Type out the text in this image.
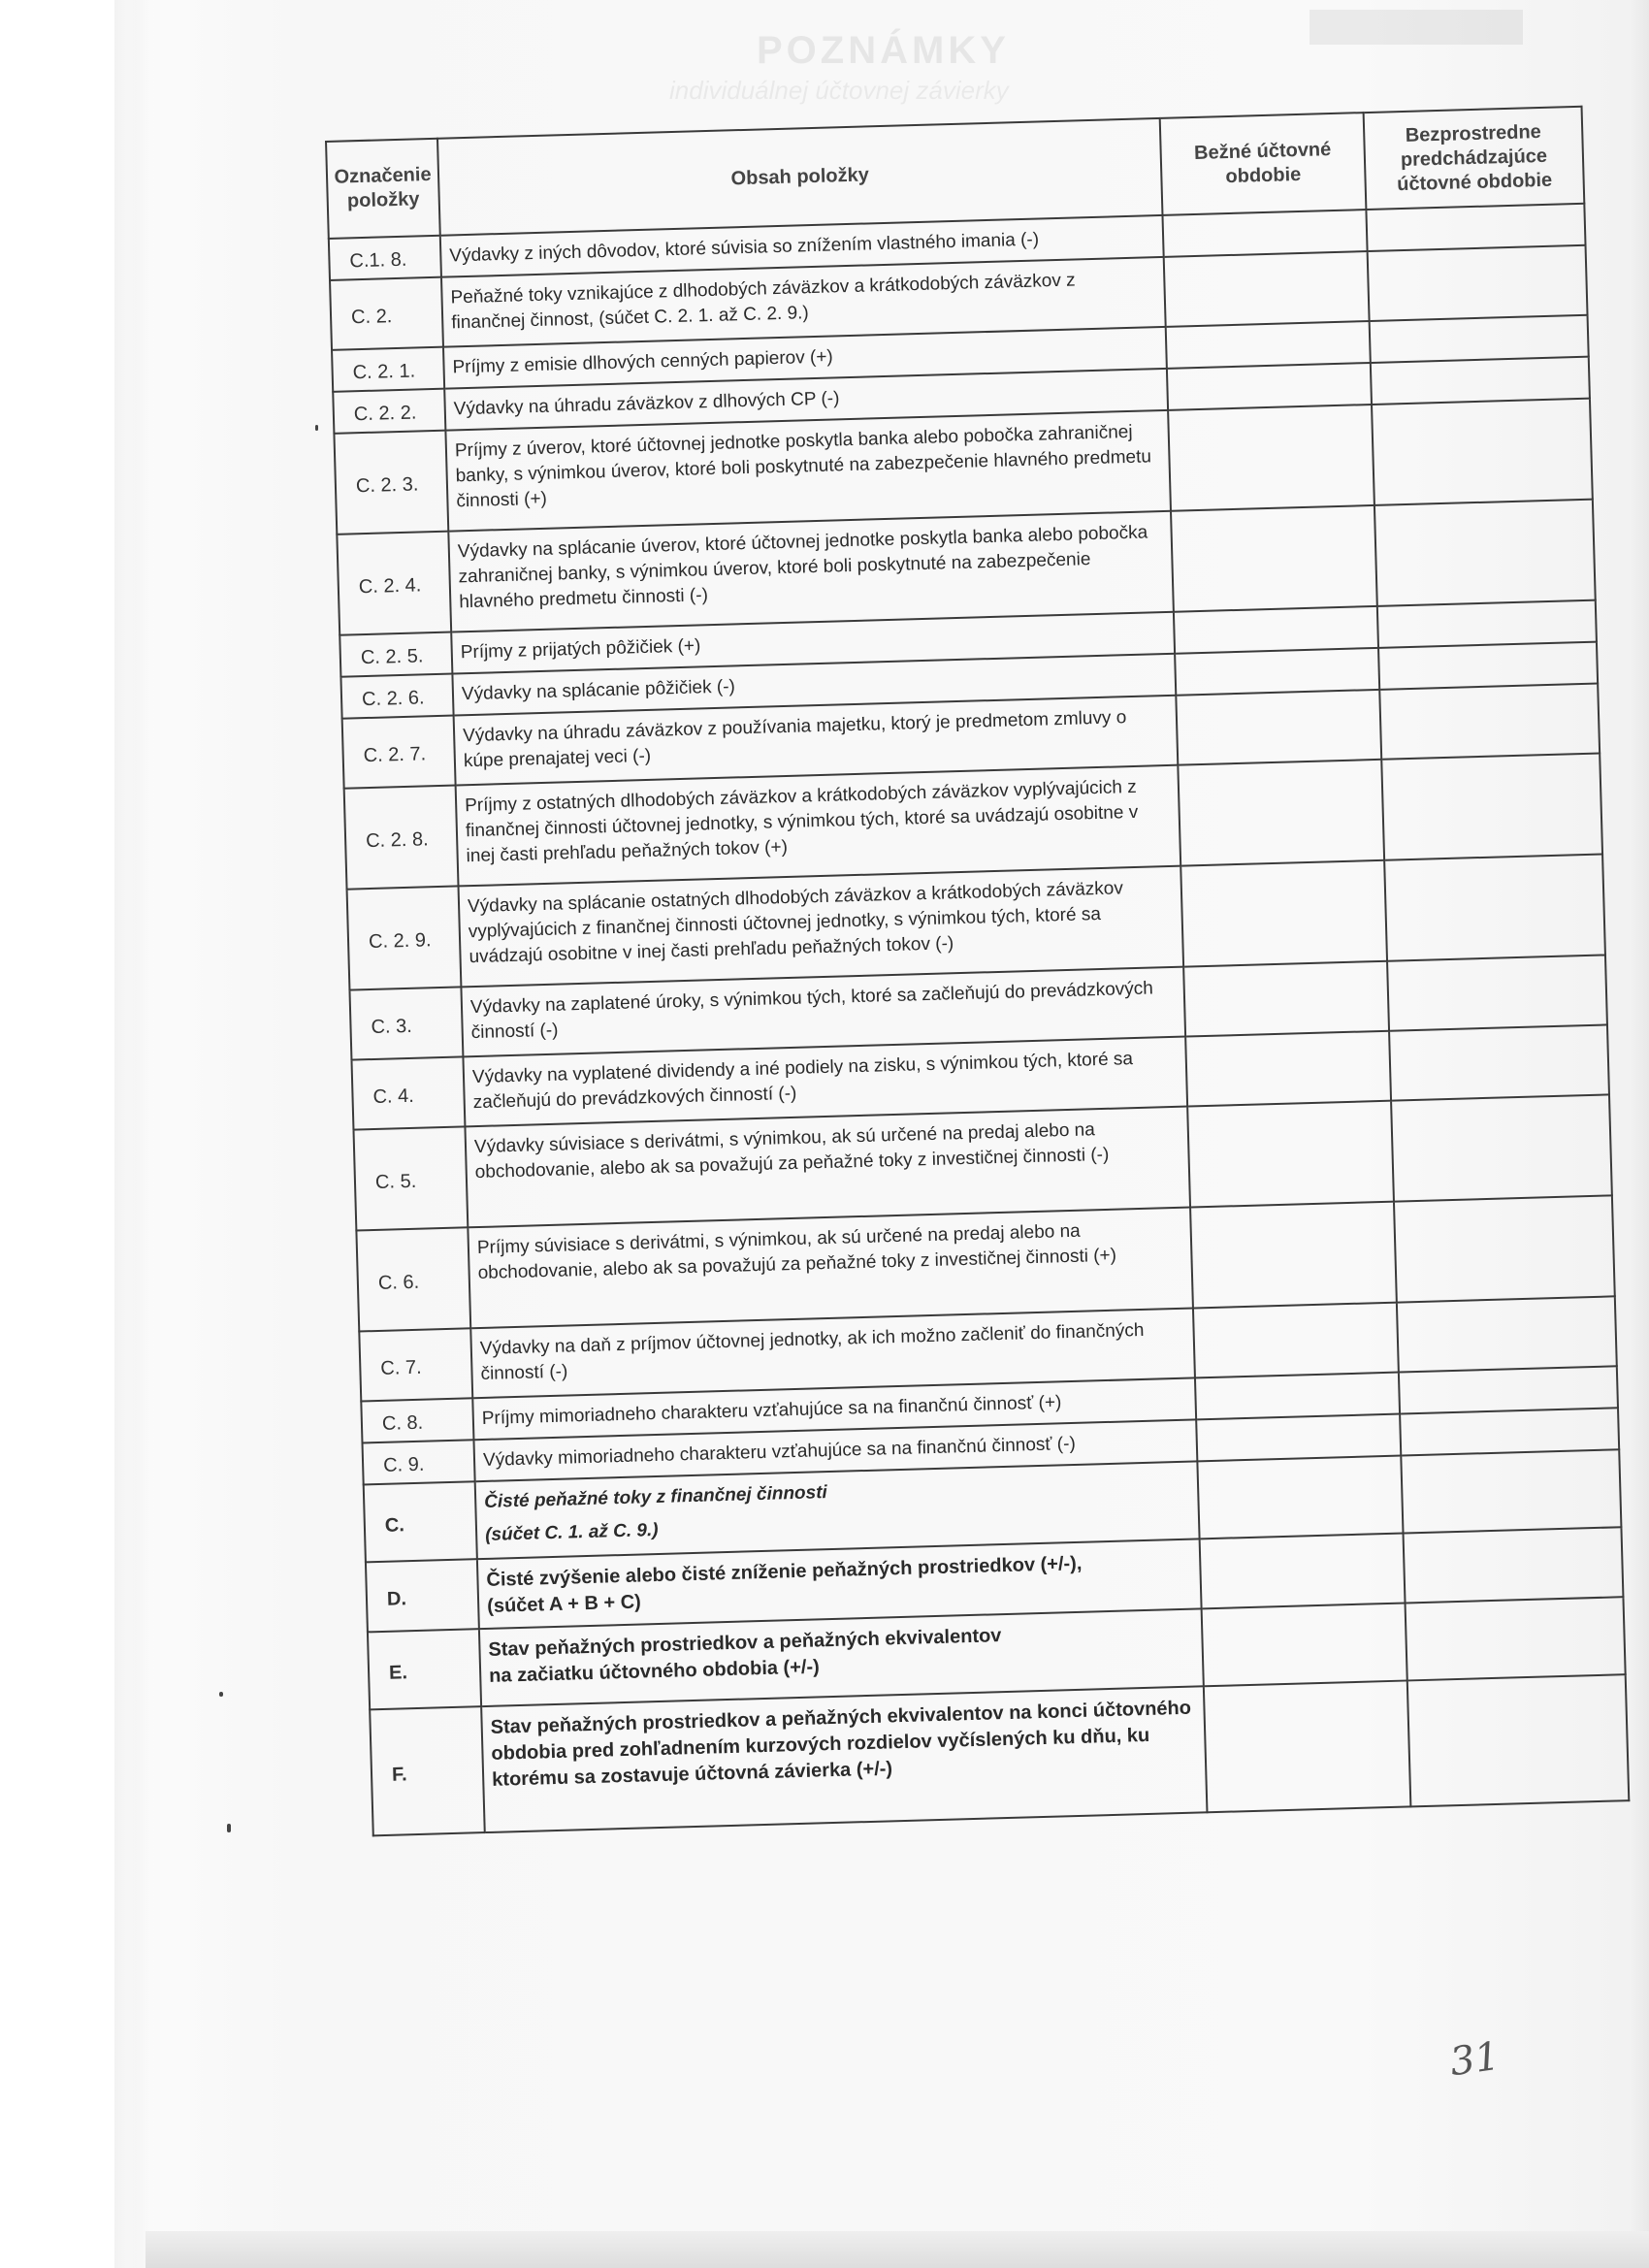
POZNÁMKY
individuálnej účtovnej závierky
Označenie položky	Obsah položky	Bežné účtovné obdobie	Bezprostredne predchádzajúce účtovné obdobie
C.1. 8.	Výdavky z iných dôvodov, ktoré súvisia so znížením vlastného imania (-)		
C. 2.	Peňažné toky vznikajúce z dlhodobých záväzkov a krátkodobých záväzkov z finančnej činnost, (súčet C. 2. 1. až C. 2. 9.)		
C. 2. 1.	Príjmy z emisie dlhových cenných papierov (+)		
C. 2. 2.	Výdavky na úhradu záväzkov z dlhových CP (-)		
C. 2. 3.	Príjmy z úverov, ktoré účtovnej jednotke poskytla banka alebo pobočka zahraničnej banky, s výnimkou úverov, ktoré boli poskytnuté na zabezpečenie hlavného predmetu činnosti (+)		
C. 2. 4.	Výdavky na splácanie úverov, ktoré účtovnej jednotke poskytla banka alebo pobočka zahraničnej banky, s výnimkou úverov, ktoré boli poskytnuté na zabezpečenie hlavného predmetu činnosti (-)		
C. 2. 5.	Príjmy z prijatých pôžičiek (+)		
C. 2. 6.	Výdavky na splácanie pôžičiek (-)		
C. 2. 7.	Výdavky na úhradu záväzkov z používania majetku, ktorý je predmetom zmluvy o kúpe prenajatej veci (-)		
C. 2. 8.	Príjmy z ostatných dlhodobých záväzkov a krátkodobých záväzkov vyplývajúcich z finančnej činnosti účtovnej jednotky, s výnimkou tých, ktoré sa uvádzajú osobitne v inej časti prehľadu peňažných tokov (+)		
C. 2. 9.	Výdavky na splácanie ostatných dlhodobých záväzkov a krátkodobých záväzkov vyplývajúcich z finančnej činnosti účtovnej jednotky, s výnimkou tých, ktoré sa uvádzajú osobitne v inej časti prehľadu peňažných tokov (-)		
C. 3.	Výdavky na zaplatené úroky, s výnimkou tých, ktoré sa začleňujú do prevádzkových činností (-)		
C. 4.	Výdavky na vyplatené dividendy a iné podiely na zisku, s výnimkou tých, ktoré sa začleňujú do prevádzkových činností (-)		
C. 5.	Výdavky súvisiace s derivátmi, s výnimkou, ak sú určené na predaj alebo na obchodovanie, alebo ak sa považujú za peňažné toky z investičnej činnosti (-)		
C. 6.	Príjmy súvisiace s derivátmi, s výnimkou, ak sú určené na predaj alebo na obchodovanie, alebo ak sa považujú za peňažné toky z investičnej činnosti (+)		
C. 7.	Výdavky na daň z príjmov účtovnej jednotky, ak ich možno začleniť do finančných činností (-)		
C. 8.	Príjmy mimoriadneho charakteru vzťahujúce sa na finančnú činnosť (+)		
C. 9.	Výdavky mimoriadneho charakteru vzťahujúce sa na finančnú činnosť (-)		
C.	Čisté peňažné toky z finančnej činnosti
(súčet C. 1. až C. 9.)		

D.	Čisté zvýšenie alebo čisté zníženie peňažných prostriedkov (+/-),
(súčet A + B + C)		

E.	Stav peňažných prostriedkov a peňažných ekvivalentov
na začiatku účtovného obdobia (+/-)		

F.	Stav peňažných prostriedkov a peňažných ekvivalentov na konci účtovného obdobia pred zohľadnením kurzových rozdielov vyčíslených ku dňu, ku ktorému sa zostavuje účtovná závierka (+/-)		

31
